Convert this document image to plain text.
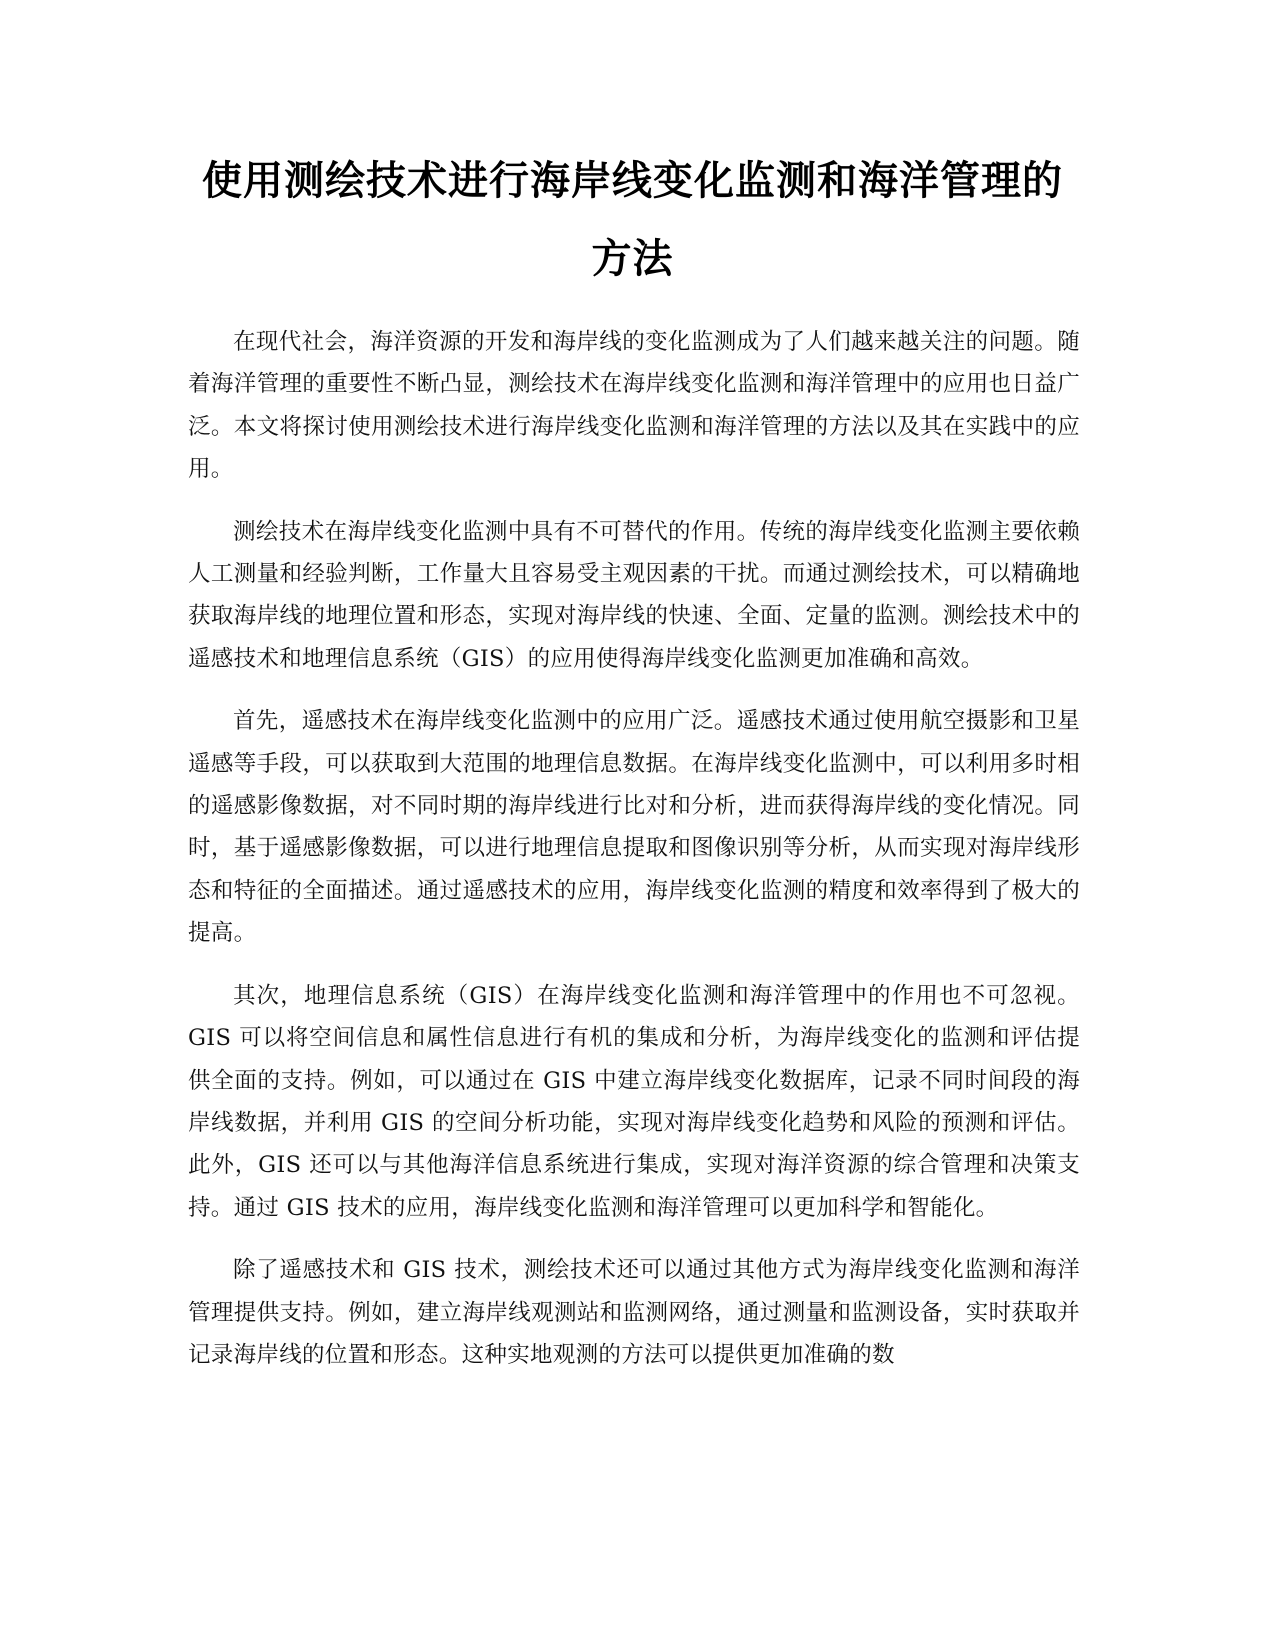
使用测绘技术进行海岸线变化监测和海洋管理的方法

在现代社会，海洋资源的开发和海岸线的变化监测成为了人们越来越关注的问题。随着海洋管理的重要性不断凸显，测绘技术在海岸线变化监测和海洋管理中的应用也日益广泛。本文将探讨使用测绘技术进行海岸线变化监测和海洋管理的方法以及其在实践中的应用。

测绘技术在海岸线变化监测中具有不可替代的作用。传统的海岸线变化监测主要依赖人工测量和经验判断，工作量大且容易受主观因素的干扰。而通过测绘技术，可以精确地获取海岸线的地理位置和形态，实现对海岸线的快速、全面、定量的监测。测绘技术中的遥感技术和地理信息系统（GIS）的应用使得海岸线变化监测更加准确和高效。

首先，遥感技术在海岸线变化监测中的应用广泛。遥感技术通过使用航空摄影和卫星遥感等手段，可以获取到大范围的地理信息数据。在海岸线变化监测中，可以利用多时相的遥感影像数据，对不同时期的海岸线进行比对和分析，进而获得海岸线的变化情况。同时，基于遥感影像数据，可以进行地理信息提取和图像识别等分析，从而实现对海岸线形态和特征的全面描述。通过遥感技术的应用，海岸线变化监测的精度和效率得到了极大的提高。

其次，地理信息系统（GIS）在海岸线变化监测和海洋管理中的作用也不可忽视。GIS 可以将空间信息和属性信息进行有机的集成和分析，为海岸线变化的监测和评估提供全面的支持。例如，可以通过在 GIS 中建立海岸线变化数据库，记录不同时间段的海岸线数据，并利用 GIS 的空间分析功能，实现对海岸线变化趋势和风险的预测和评估。此外，GIS 还可以与其他海洋信息系统进行集成，实现对海洋资源的综合管理和决策支持。通过 GIS 技术的应用，海岸线变化监测和海洋管理可以更加科学和智能化。

除了遥感技术和 GIS 技术，测绘技术还可以通过其他方式为海岸线变化监测和海洋管理提供支持。例如，建立海岸线观测站和监测网络，通过测量和监测设备，实时获取并记录海岸线的位置和形态。这种实地观测的方法可以提供更加准确的数
